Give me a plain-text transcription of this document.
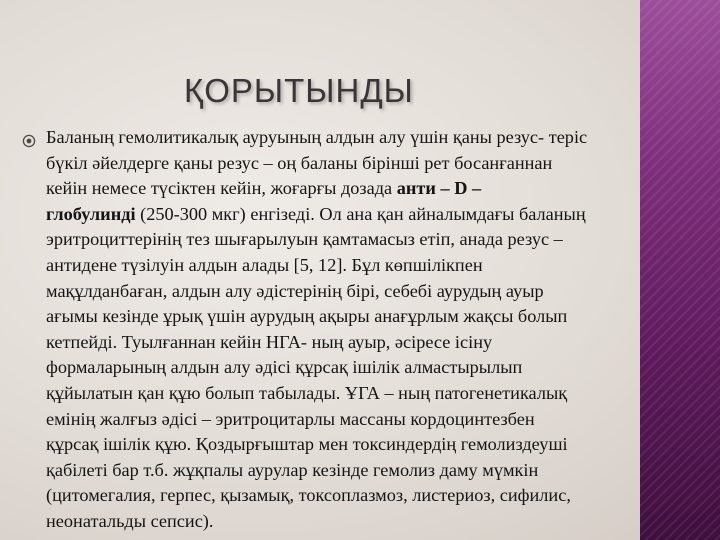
ҚОРЫТЫНДЫ

Баланың гемолитикалық ауруының алдын алу үшін қаны резус- теріс
бүкіл әйелдерге қаны резус – оң баланы бірінші рет босанғаннан
кейін немесе түсіктен кейін, жоғарғы дозада анти – D –
глобулинді (250-300 мкг) енгізеді. Ол ана қан айналымдағы баланың
эритроциттерінің тез шығарылуын қамтамасыз етіп, анада резус –
антидене түзілуін алдын алады [5, 12]. Бұл көпшілікпен
мақұлданбаған, алдын алу әдістерінің бірі, себебі аурудың ауыр
ағымы кезінде ұрық үшін аурудың ақыры анағұрлым жақсы болып
кетпейді. Туылғаннан кейін НГА- ның ауыр, әсіресе ісіну
формаларының алдын алу әдісі құрсақ ішілік алмастырылып
құйылатын қан құю болып табылады. ҰГА – ның патогенетикалық
емінің жалғыз әдісі – эритроцитарлы массаны кордоцинтезбен
құрсақ ішілік құю. Қоздырғыштар мен токсиндердің гемолиздеуші
қабілеті бар т.б. жұқпалы аурулар кезінде гемолиз даму мүмкін
(цитомегалия, герпес, қызамық, токсоплазмоз, листериоз, сифилис,
неонатальды сепсис).
